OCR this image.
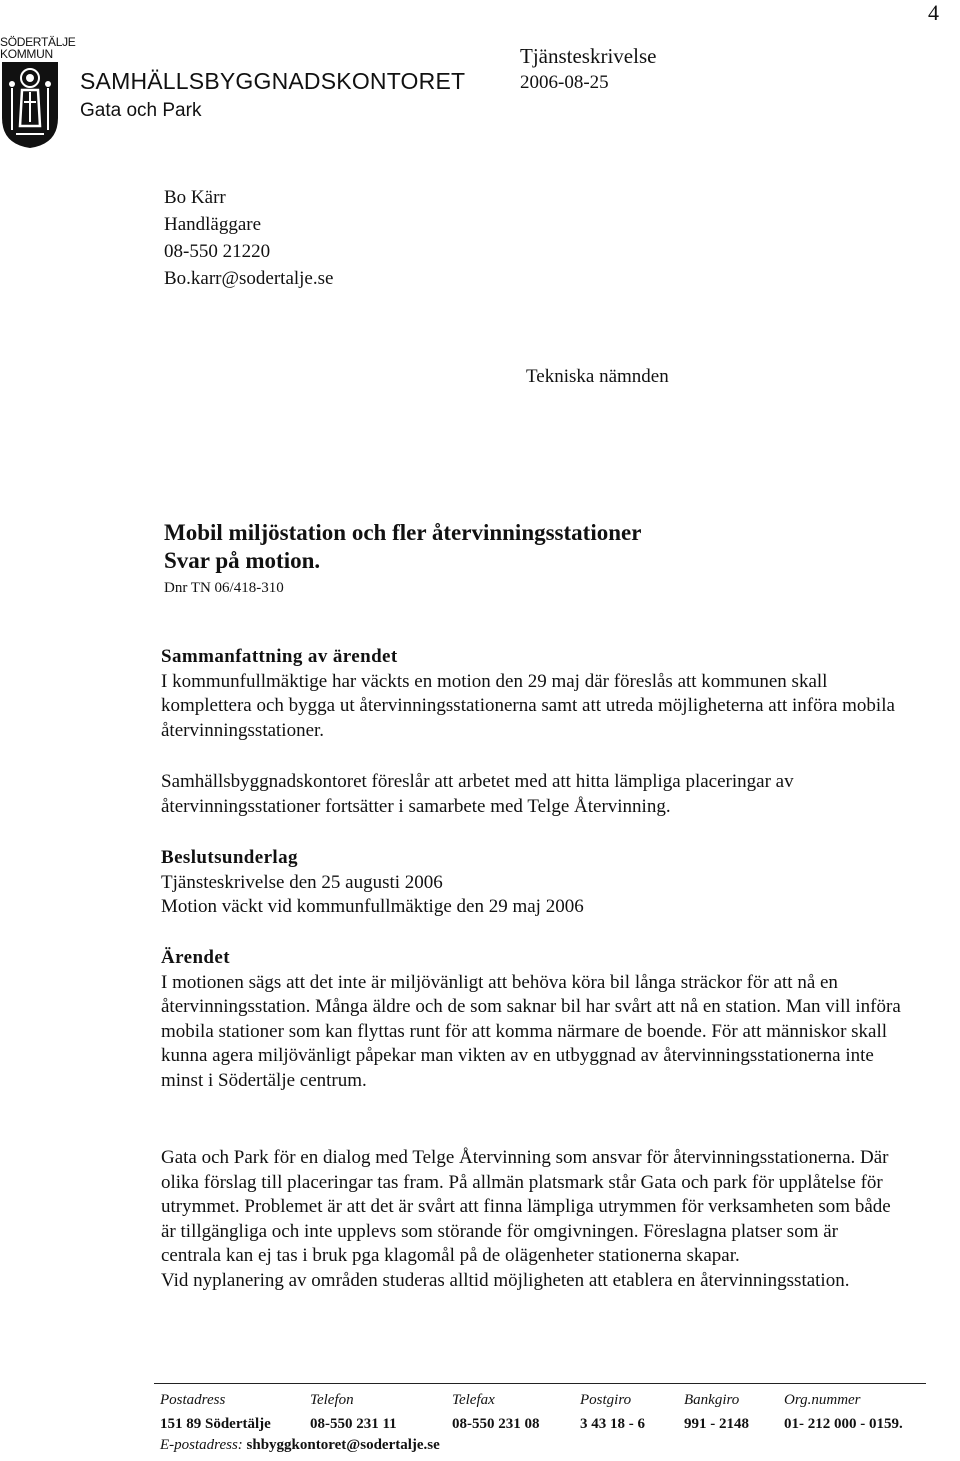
4
SÖDERTÄLJE
KOMMUN
SAMHÄLLSBYGGNADSKONTORET
Gata och Park
Tjänsteskrivelse
2006-08-25
Bo Kärr
Handläggare
08-550 21220
Bo.karr@sodertalje.se
Tekniska nämnden
Mobil miljöstation och fler återvinningsstationer
Svar på motion.
Dnr TN 06/418-310
Sammanfattning av ärendet

I kommunfullmäktige har väckts en motion den 29 maj där föreslås att kommunen skall komplettera och bygga ut återvinningsstationerna samt att utreda möjligheterna att införa mobila återvinningsstationer.

Samhällsbyggnadskontoret föreslår att arbetet med att hitta lämpliga placeringar av återvinningsstationer fortsätter i samarbete med Telge Återvinning.

Beslutsunderlag

Tjänsteskrivelse den 25 augusti 2006

Motion väckt vid kommunfullmäktige den 29 maj 2006

Ärendet

I motionen sägs att det inte är miljövänligt att behöva köra bil långa sträckor för att nå en återvinningsstation. Många äldre och de som saknar bil har svårt att nå en station. Man vill införa mobila stationer som kan flyttas runt för att komma närmare de boende. För att människor skall kunna agera miljövänligt påpekar man vikten av en utbyggnad av återvinningsstationerna inte minst i Södertälje centrum.

Gata och Park för en dialog med Telge Återvinning som ansvar för återvinningsstationerna. Där olika förslag till placeringar tas fram. På allmän platsmark står Gata och park för upplåtelse för utrymmet. Problemet är att det är svårt att finna lämpliga utrymmen för verksamheten som både är tillgängliga och inte upplevs som störande för omgivningen. Föreslagna platser som är centrala kan ej tas i bruk pga klagomål på de olägenheter stationerna skapar.

Vid nyplanering av områden studeras alltid möjligheten att etablera en återvinningsstation.

Postadress
151 89 Södertälje
Telefon
08-550 231 11
Telefax
08-550 231 08
Postgiro
3 43 18 - 6
Bankgiro
991 - 2148
Org.nummer
01- 212 000 - 0159.
E-postadress: shbyggkontoret@sodertalje.se
